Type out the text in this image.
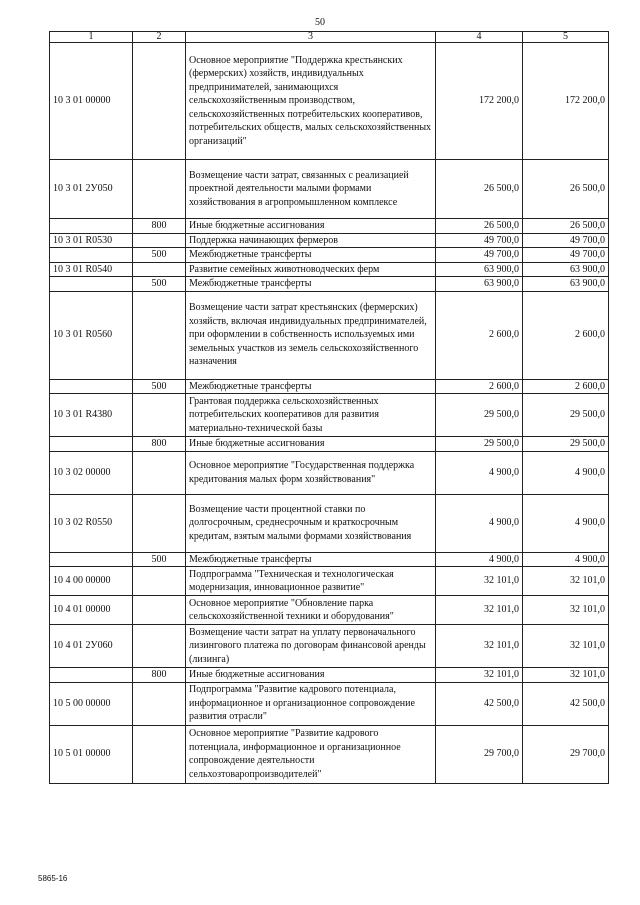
50
1	2	3	4	5
10 3 01 00000		Основное мероприятие "Поддержка крестьянских (фермерских) хозяйств, индивидуальных предпринимателей, занимающихся сельскохозяйственным производством, сельскохозяйственных потребительских кооперативов, потребительских обществ, малых сельскохозяйственных организаций"	172 200,0	172 200,0
10 3 01 2У050		Возмещение части затрат, связанных с реализацией проектной деятельности малыми формами хозяйствования в агропромышленном комплексе	26 500,0	26 500,0
	800	Иные бюджетные ассигнования	26 500,0	26 500,0
10 3 01 R0530		Поддержка начинающих фермеров	49 700,0	49 700,0
	500	Межбюджетные трансферты	49 700,0	49 700,0
10 3 01 R0540		Развитие семейных животноводческих ферм	63 900,0	63 900,0
	500	Межбюджетные трансферты	63 900,0	63 900,0
10 3 01 R0560		Возмещение части затрат крестьянских (фермерских) хозяйств, включая индивидуальных предпринимателей, при оформлении в собственность используемых ими земельных участков из земель сельскохозяйственного назначения	2 600,0	2 600,0
	500	Межбюджетные трансферты	2 600,0	2 600,0
10 3 01 R4380		Грантовая поддержка сельскохозяйственных потребительских кооперативов для развития материально-технической базы	29 500,0	29 500,0
	800	Иные бюджетные ассигнования	29 500,0	29 500,0
10 3 02 00000		Основное мероприятие "Государственная поддержка кредитования малых форм хозяйствования"	4 900,0	4 900,0
10 3 02 R0550		Возмещение части процентной ставки по долгосрочным, среднесрочным и краткосрочным кредитам, взятым малыми формами хозяйствования	4 900,0	4 900,0
	500	Межбюджетные трансферты	4 900,0	4 900,0
10 4 00 00000		Подпрограмма "Техническая и технологическая модернизация, инновационное развитие"	32 101,0	32 101,0
10 4 01 00000		Основное мероприятие "Обновление парка сельскохозяйственной техники и оборудования"	32 101,0	32 101,0
10 4 01 2У060		Возмещение части затрат на уплату первоначального лизингового платежа по договорам финансовой аренды (лизинга)	32 101,0	32 101,0
	800	Иные бюджетные ассигнования	32 101,0	32 101,0
10 5 00 00000		Подпрограмма "Развитие кадрового потенциала, информационное и организационное сопровождение развития отрасли"	42 500,0	42 500,0
10 5 01 00000		Основное мероприятие "Развитие кадрового потенциала, информационное и организационное сопровождение деятельности сельхозтоваропроизводителей"	29 700,0	29 700,0
5865-16
